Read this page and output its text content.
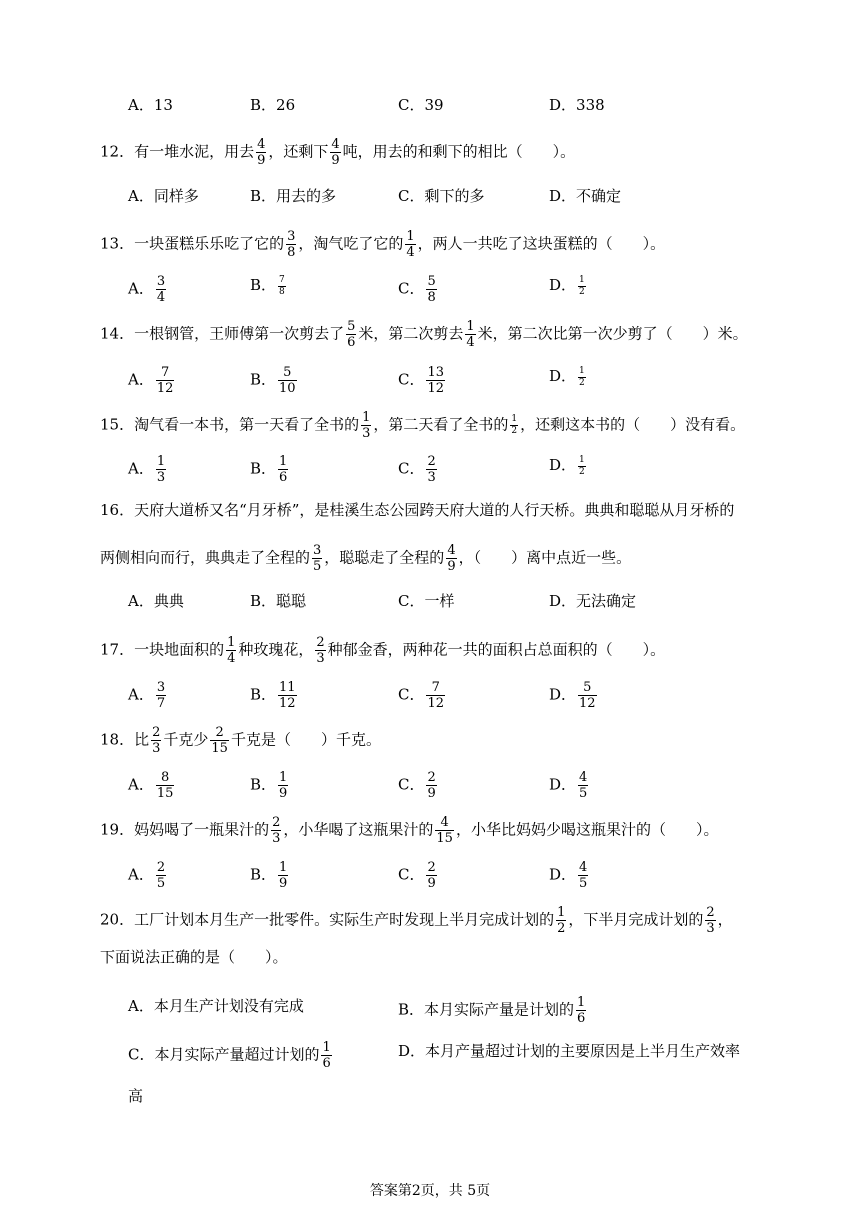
A．13	B．26	C．39	D．338
12．有一堆水泥，用去 $\frac{4}{9}$ ，还剩下 $\frac{4}{9}$ 吨，用去的和剩下的相比（　　）。
A．同样多	B．用去的多	C．剩下的多	D．不确定
13．一块蛋糕乐乐吃了它的 $\frac{3}{8}$ ，淘气吃了它的 $\frac{1}{4}$ ，两人一共吃了这块蛋糕的（　　）。
A． $\frac{3}{4}$	B． $\frac{7}{8}$	C． $\frac{5}{8}$	D． $\frac{1}{2}$
14．一根钢管，王师傅第一次剪去了 $\frac{5}{6}$ 米，第二次剪去 $\frac{1}{4}$ 米，第二次比第一次少剪了（　　）米。
A． $\frac{7}{12}$	B． $\frac{5}{10}$	C． $\frac{13}{12}$	D． $\frac{1}{2}$
15．淘气看一本书，第一天看了全书的 $\frac{1}{3}$ ，第二天看了全书的 $\frac{1}{2}$ ，还剩这本书的（　　）没有看。
A． $\frac{1}{3}$	B． $\frac{1}{6}$	C． $\frac{2}{3}$	D． $\frac{1}{2}$
16．天府大道桥又名“月牙桥”，是桂溪生态公园跨天府大道的人行天桥。典典和聪聪从月牙桥的
两侧相向而行，典典走了全程的 $\frac{3}{5}$ ，聪聪走了全程的 $\frac{4}{9}$ ，（　　）离中点近一些。
A．典典	B．聪聪	C．一样	D．无法确定
17．一块地面积的 $\frac{1}{4}$ 种玫瑰花， $\frac{2}{3}$ 种郁金香，两种花一共的面积占总面积的（　　）。
A． $\frac{3}{7}$	B． $\frac{11}{12}$	C． $\frac{7}{12}$	D． $\frac{5}{12}$
18．比 $\frac{2}{3}$ 千克少 $\frac{2}{15}$ 千克是（　　）千克。
A． $\frac{8}{15}$	B． $\frac{1}{9}$	C． $\frac{2}{9}$	D． $\frac{4}{5}$
19．妈妈喝了一瓶果汁的 $\frac{2}{3}$ ，小华喝了这瓶果汁的 $\frac{4}{15}$ ，小华比妈妈少喝这瓶果汁的（　　）。
A． $\frac{2}{5}$	B． $\frac{1}{9}$	C． $\frac{2}{9}$	D． $\frac{4}{5}$
20．工厂计划本月生产一批零件。实际生产时发现上半月完成计划的 $\frac{1}{2}$ ，下半月完成计划的 $\frac{2}{3}$ ，
下面说法正确的是（　　）。
A．本月生产计划没有完成	B．本月实际产量是计划的 $\frac{1}{6}$
C．本月实际产量超过计划的 $\frac{1}{6}$	D．本月产量超过计划的主要原因是上半月生产效率
高
答案第2页，共 5页
